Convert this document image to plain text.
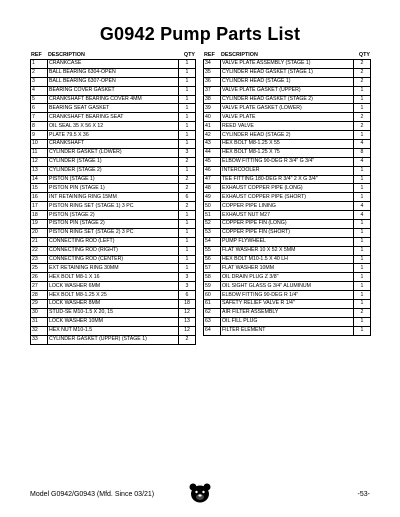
G0942 Pump Parts List
REF	DESCRIPTION	QTY
1	CRANKCASE	1
2	BALL BEARING 6304-OPEN	1
3	BALL BEARING 6307-OPEN	1
4	BEARING COVER GASKET	1
5	CRANKSHAFT BEARING COVER 4MM	1
6	BEARING SEAT GASKET	1
7	CRANKSHAFT BEARING SEAT	1
8	OIL SEAL 35 X 56 X 12	1
9	PLATE 79.5 X 36	1
10	CRANKSHAFT	1
11	CYLINDER GASKET (LOWER)	3
12	CYLINDER (STAGE 1)	2
13	CYLINDER (STAGE 2)	1
14	PISTON (STAGE 1)	2
15	PISTON PIN (STAGE 1)	2
16	INT RETAINING RING 15MM	6
17	PISTON RING SET (STAGE 1) 3 PC	2
18	PISTON (STAGE 2)	1
19	PISTON PIN (STAGE 2)	1
20	PISTON RING SET (STAGE 2) 3 PC	1
21	CONNECTING ROD (LEFT)	1
22	CONNECTING ROD (RIGHT)	1
23	CONNECTING ROD (CENTER)	1
25	EXT RETAINING RING 30MM	1
26	HEX BOLT M8-1 X 16	3
27	LOCK WASHER 6MM	3
28	HEX BOLT M8-1.25 X 25	6
29	LOCK WASHER 8MM	18
30	STUD-SE M10-1.5 X 20, 15	12
31	LOCK WASHER 10MM	13
32	HEX NUT M10-1.5	12
33	CYLINDER GASKET (UPPER) (STAGE 1)	2
REF	DESCRIPTION	QTY
34	VALVE PLATE ASSEMBLY (STAGE 1)	2
35	CYLINDER HEAD GASKET (STAGE 1)	2
36	CYLINDER HEAD (STAGE 1)	2
37	VALVE PLATE GASKET (UPPER)	1
38	CYLINDER HEAD GASKET (STAGE 2)	1
39	VALVE PLATE GASKET (LOWER)	1
40	VALVE PLATE	2
41	REED VALVE	2
42	CYLINDER HEAD (STAGE 2)	1
43	HEX BOLT M8-1.25 X 55	4
44	HEX BOLT M8-1.25 X 75	8
45	ELBOW FITTING 90-DEG R 3/4" G 3/4"	4
46	INTERCOOLER	1
47	TEE FITTING 180-DEG R 3/4" 2 X G 3/4"	1
48	EXHAUST COPPER PIPE (LONG)	1
49	EXHAUST COPPER PIPE (SHORT)	1
50	COPPER PIPE LINING	4
51	EXHAUST NUT M27	4
52	COPPER PIPE FIN (LONG)	1
53	COPPER PIPE FIN (SHORT)	1
54	PUMP FLYWHEEL	1
55	FLAT WASHER 10 X 52 X 5MM	1
56	HEX BOLT M10-1.5 X 40 LH	1
57	FLAT WASHER 10MM	1
58	OIL DRAIN PLUG Z 3/8"	1
59	OIL SIGHT GLASS G 3/4" ALUMINUM	1
60	ELBOW FITTING 90-DEG R 1/4"	1
61	SAFETY RELIEF VALVE R 1/4"	1
62	AIR FILTER ASSEMBLY	2
63	OIL FILL PLUG	1
64	FILTER ELEMENT	1
Model G0942/G0943 (Mfd. Since 03/21)	-53-
